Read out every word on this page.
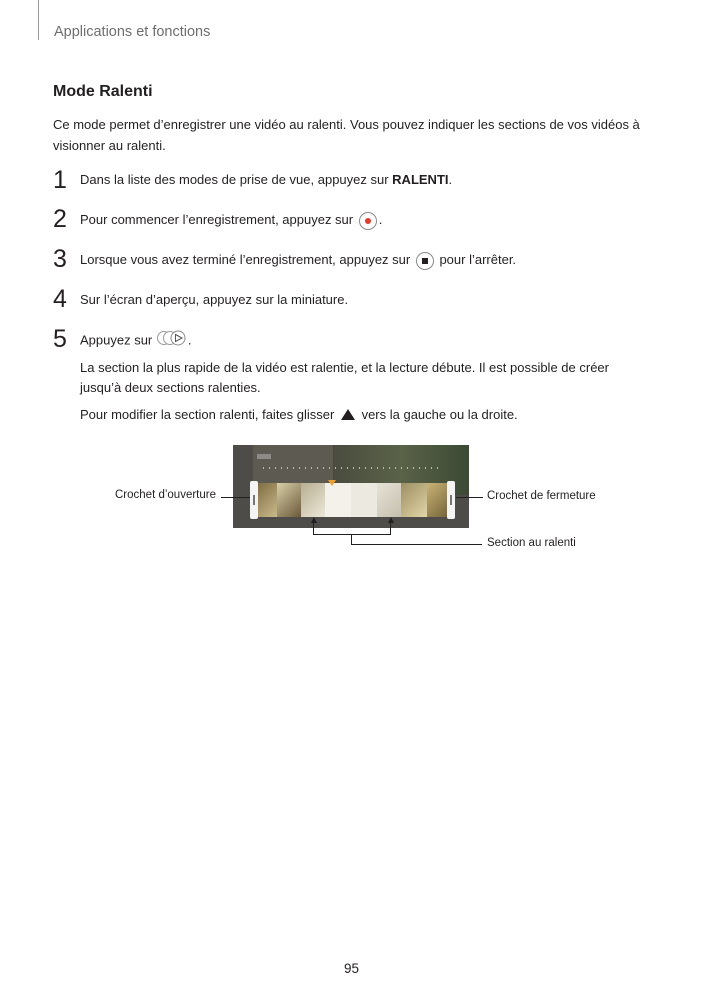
Applications et fonctions
Mode Ralenti
Ce mode permet d’enregistrer une vidéo au ralenti. Vous pouvez indiquer les sections de vos vidéos à visionner au ralenti.
1 Dans la liste des modes de prise de vue, appuyez sur RALENTI.
2 Pour commencer l’enregistrement, appuyez sur .
3 Lorsque vous avez terminé l’enregistrement, appuyez sur  pour l’arrêter.
4 Sur l’écran d’aperçu, appuyez sur la miniature.
5 Appuyez sur .
La section la plus rapide de la vidéo est ralentie, et la lecture débute. Il est possible de créer jusqu’à deux sections ralenties.
Pour modifier la section ralenti, faites glisser  vers la gauche ou la droite.
Crochet d’ouverture	Crochet de fermeture
Section au ralenti
95
